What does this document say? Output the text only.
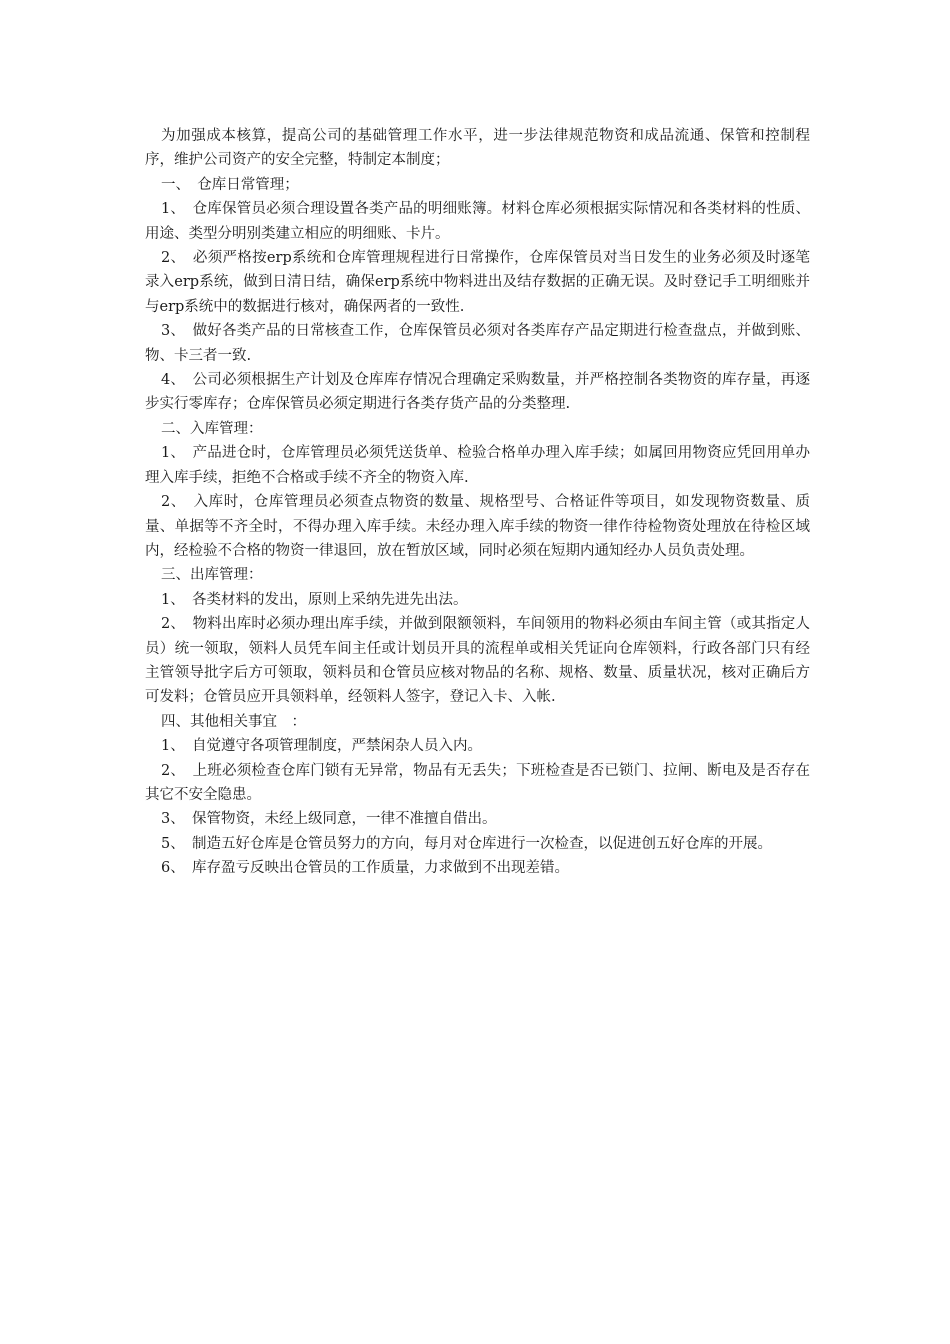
为加强成本核算，提高公司的基础管理工作水平，进一步法律规范物资和成品流通、保管和控制程序，维护公司资产的安全完整，特制定本制度；

一、　仓库日常管理；

1、　仓库保管员必须合理设置各类产品的明细账簿。材料仓库必须根据实际情况和各类材料的性质、用途、类型分明别类建立相应的明细账、卡片。

2、　必须严格按erp系统和仓库管理规程进行日常操作，仓库保管员对当日发生的业务必须及时逐笔录入erp系统，做到日清日结，确保erp系统中物料进出及结存数据的正确无误。及时登记手工明细账并与erp系统中的数据进行核对，确保两者的一致性.

3、　做好各类产品的日常核查工作，仓库保管员必须对各类库存产品定期进行检查盘点，并做到账、物、卡三者一致.

4、　公司必须根据生产计划及仓库库存情况合理确定采购数量，并严格控制各类物资的库存量，再逐步实行零库存；仓库保管员必须定期进行各类存货产品的分类整理.

二、入库管理：

1、　产品进仓时，仓库管理员必须凭送货单、检验合格单办理入库手续；如属回用物资应凭回用单办理入库手续，拒绝不合格或手续不齐全的物资入库.

2、　入库时，仓库管理员必须查点物资的数量、规格型号、合格证件等项目，如发现物资数量、质量、单据等不齐全时，不得办理入库手续。未经办理入库手续的物资一律作待检物资处理放在待检区域内，经检验不合格的物资一律退回，放在暂放区域，同时必须在短期内通知经办人员负责处理。

三、出库管理：

1、　各类材料的发出，原则上采纳先进先出法。

2、　物料出库时必须办理出库手续，并做到限额领料，车间领用的物料必须由车间主管（或其指定人员）统一领取，领料人员凭车间主任或计划员开具的流程单或相关凭证向仓库领料，行政各部门只有经主管领导批字后方可领取，领料员和仓管员应核对物品的名称、规格、数量、质量状况，核对正确后方可发料；仓管员应开具领料单，经领料人签字，登记入卡、入帐.

四、其他相关事宜　：

1、　自觉遵守各项管理制度，严禁闲杂人员入内。

2、　上班必须检查仓库门锁有无异常，物品有无丢失；下班检查是否已锁门、拉闸、断电及是否存在其它不安全隐患。

3、　保管物资，未经上级同意，一律不准擅自借出。

5、　制造五好仓库是仓管员努力的方向，每月对仓库进行一次检查，以促进创五好仓库的开展。

6、　库存盈亏反映出仓管员的工作质量，力求做到不出现差错。
